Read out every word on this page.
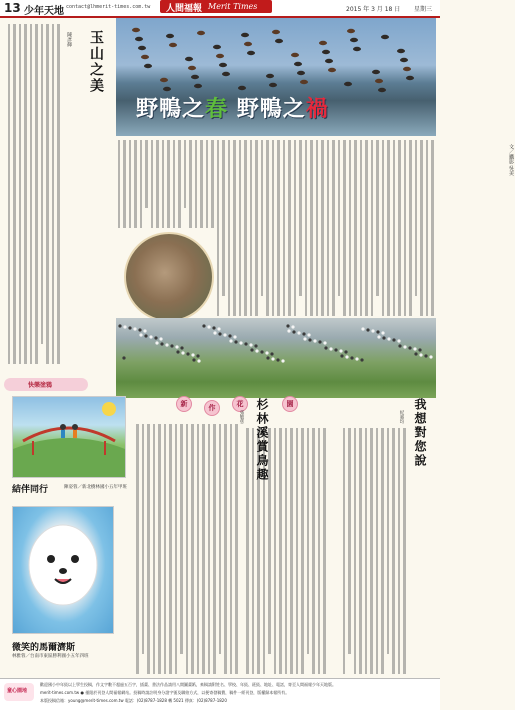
13 少年天地 contact@lhmerit-times.com.tw 人間福報 Merit Times	2015 年 3 月 18 日 星期三
玉山之美
陳彥輝
野鴨之春 野鴨之禍
文／攝影 吳美
快樂塗鴉
結伴同行	陳姿蓉／新北樹林國小五年甲班
微笑的馬爾濟斯
林雅蓉／台南市東區勝利國小五年四班
新	作	花	園
杉林溪賞鳥趣
張敏慈	我想對您說
紀嘉均
童心園地
歡迎國小中年級以上學生投稿，作文字數不超過五百字，插畫、書法作品請用八開圖畫紙，來稿請附姓名、學校、年級、班級、地址、電話，寄至人間福報少年天地版。
merit-times.com.tw ● 僅限於刊登人間福報網站。投稿時請註明身分證字號及聯絡方式，以便寄發稿費，稿件一經刊登，版權歸本報所有。
本版投稿信箱：young@merit-times.com.tw 電話：(02)8787-1828 轉 5021 傳真：(02)8787-1820
